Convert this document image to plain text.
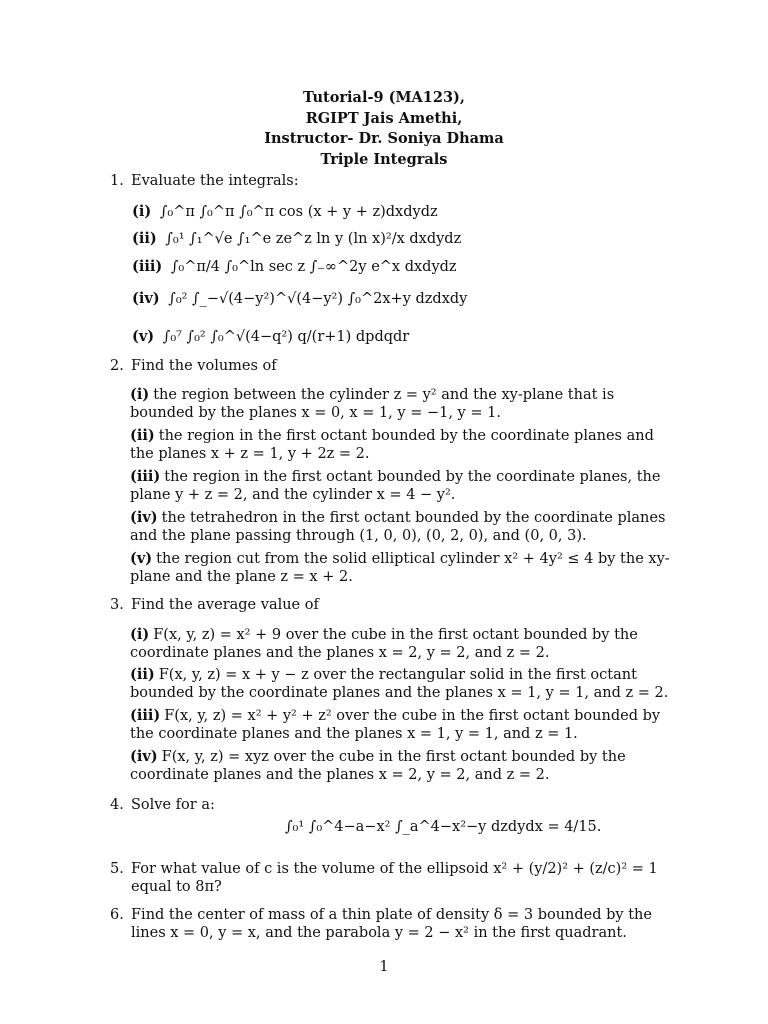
Tutorial-9 (MA123),
RGIPT Jais Amethi,
Instructor- Dr. Soniya Dhama
Triple Integrals
1. Evaluate the integrals:
(i) ∫₀^π ∫₀^π ∫₀^π cos (x + y + z)dxdydz
(ii) ∫₀¹ ∫₁^√e ∫₁^e ze^z ln y (ln x)²/x dxdydz
(iii) ∫₀^π/4 ∫₀^ln sec z ∫₋∞^2y e^x dxdydz
(iv) ∫₀² ∫_−√(4−y²)^√(4−y²) ∫₀^2x+y dzdxdy
(v) ∫₀⁷ ∫₀² ∫₀^√(4−q²) q/(r+1) dpdqdr
2. Find the volumes of
(i) the region between the cylinder z = y² and the xy-plane that is bounded by the planes x = 0, x = 1, y = −1, y = 1.
(ii) the region in the first octant bounded by the coordinate planes and the planes x + z = 1, y + 2z = 2.
(iii) the region in the first octant bounded by the coordinate planes, the plane y + z = 2, and the cylinder x = 4 − y².
(iv) the tetrahedron in the first octant bounded by the coordinate planes and the plane passing through (1, 0, 0), (0, 2, 0), and (0, 0, 3).
(v) the region cut from the solid elliptical cylinder x² + 4y² ≤ 4 by the xy-plane and the plane z = x + 2.
3. Find the average value of
(i) F(x, y, z) = x² + 9 over the cube in the first octant bounded by the coordinate planes and the planes x = 2, y = 2, and z = 2.
(ii) F(x, y, z) = x + y − z over the rectangular solid in the first octant bounded by the coordinate planes and the planes x = 1, y = 1, and z = 2.
(iii) F(x, y, z) = x² + y² + z² over the cube in the first octant bounded by the coordinate planes and the planes x = 1, y = 1, and z = 1.
(iv) F(x, y, z) = xyz over the cube in the first octant bounded by the coordinate planes and the planes x = 2, y = 2, and z = 2.
4. Solve for a:
∫₀¹ ∫₀^4−a−x² ∫_a^4−x²−y dzdydx = 4/15.
5. For what value of c is the volume of the ellipsoid x² + (y/2)² + (z/c)² = 1 equal to 8π?
6. Find the center of mass of a thin plate of density δ = 3 bounded by the lines x = 0, y = x, and the parabola y = 2 − x² in the first quadrant.
1
